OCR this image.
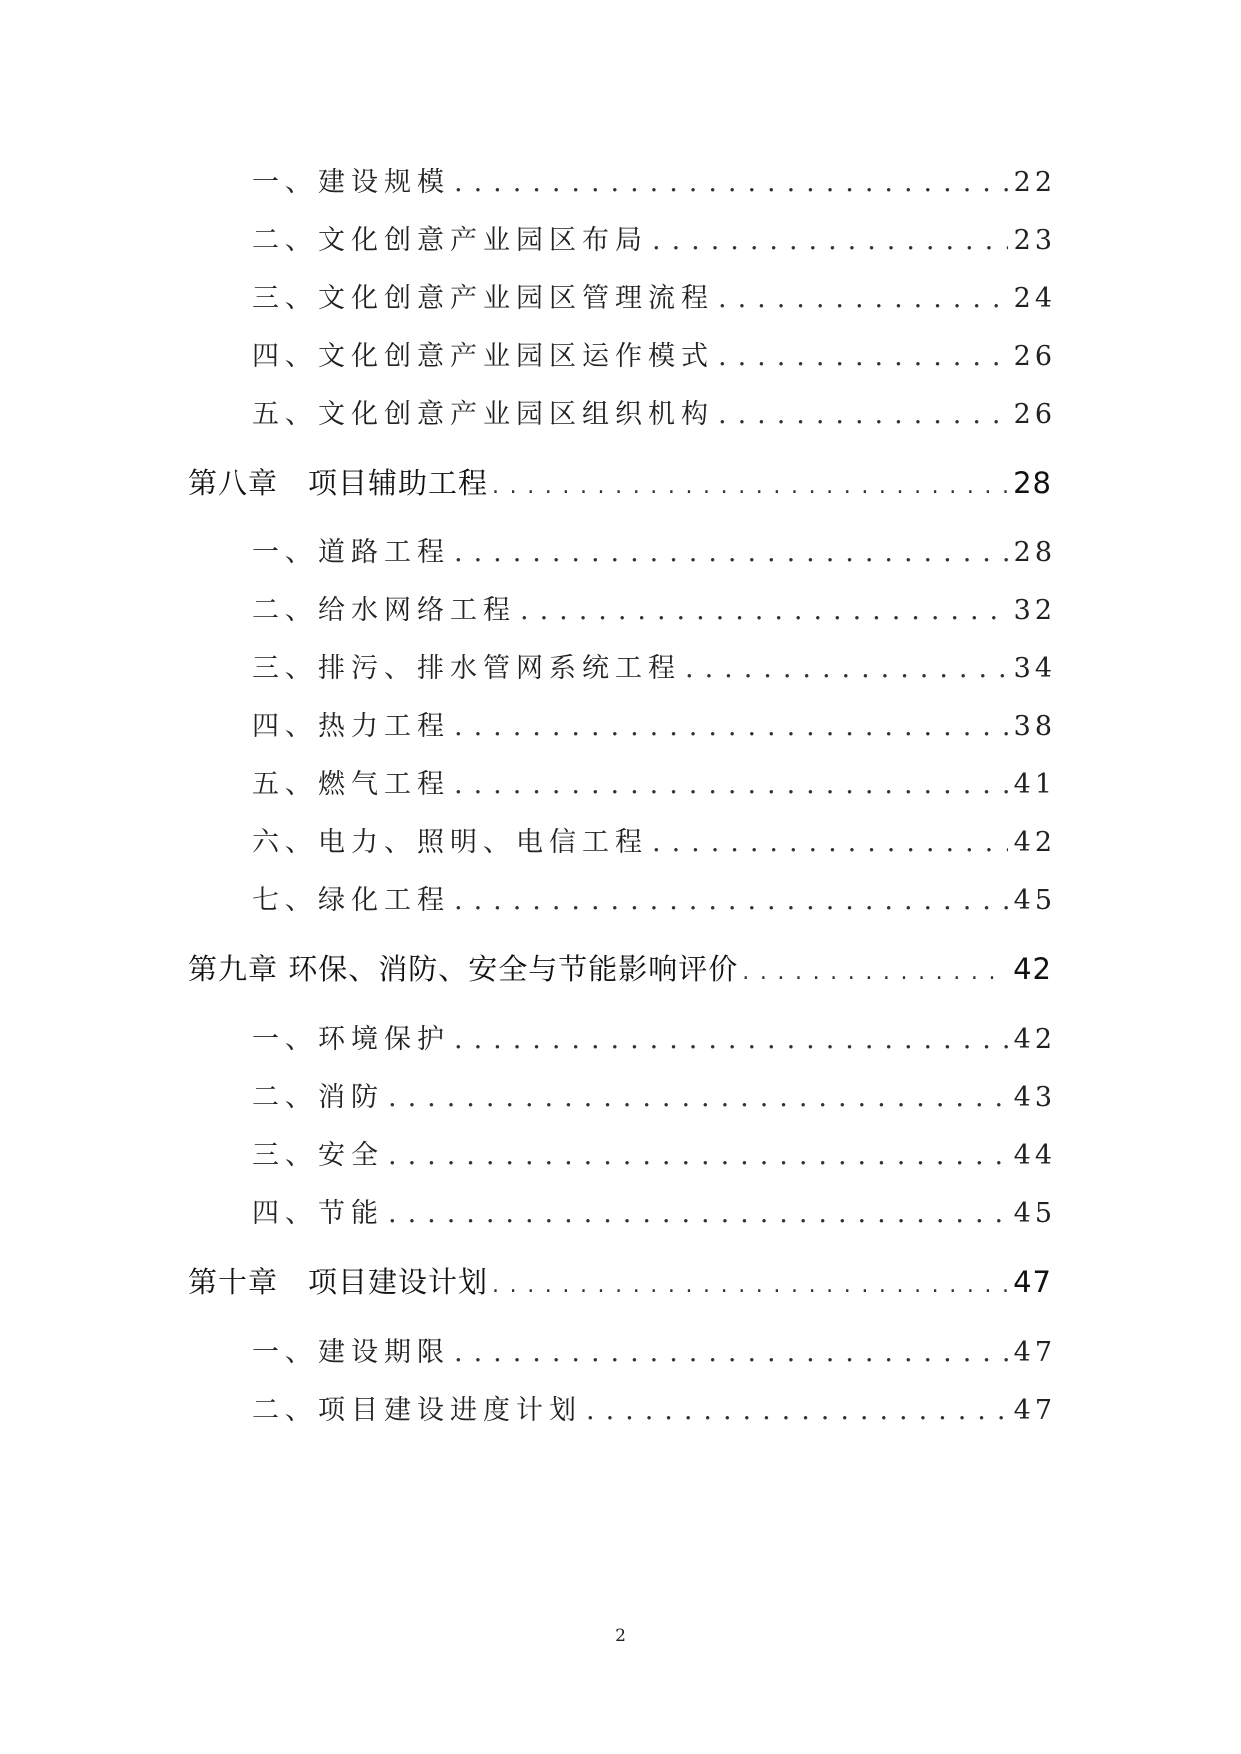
一、建设规模 . . .	22
二、文化创意产业园区布局 . . .	23
三、文化创意产业园区管理流程 . . .	24
四、文化创意产业园区运作模式 . . .	26
五、文化创意产业园区组织机构 . . .	26
第八章　项目辅助工程 . . .	28
一、道路工程 . . .	28
二、给水网络工程 . . .	32
三、排污、排水管网系统工程 . . .	34
四、热力工程 . . .	38
五、燃气工程 . . .	41
六、电力、照明、电信工程 . . .	42
七、绿化工程 . . .	45
第九章 环保、消防、安全与节能影响评价 . . .	42
一、环境保护 . . .	42
二、消防 . . .	43
三、安全 . . .	44
四、节能 . . .	45
第十章　项目建设计划 . . .	47
一、建设期限 . . .	47
二、项目建设进度计划 . . .	47
2
